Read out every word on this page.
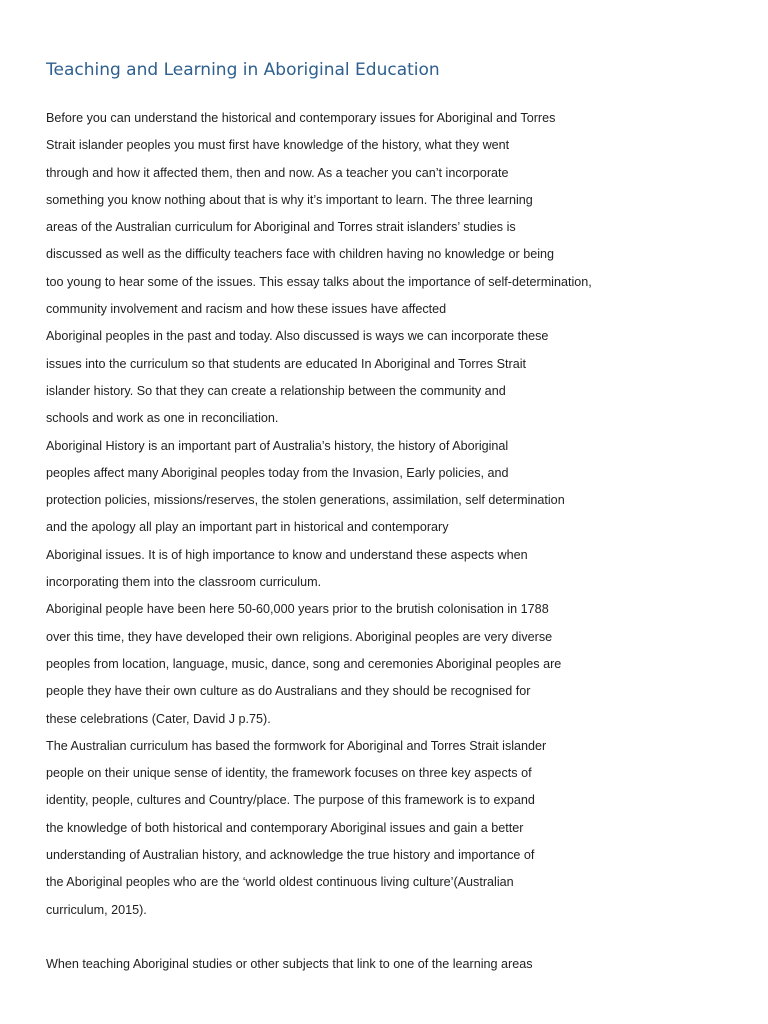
Teaching and Learning in Aboriginal Education
Before you can understand the historical and contemporary issues for Aboriginal and Torres
Strait islander peoples you must first have knowledge of the history, what they went
through and how it affected them, then and now. As a teacher you can’t incorporate
something you know nothing about that is why it’s important to learn. The three learning
areas of the Australian curriculum for Aboriginal and Torres strait islanders’ studies is
discussed as well as the difficulty teachers face with children having no knowledge or being
too young to hear some of the issues. This essay talks about the importance of self-determination,
community involvement and racism and how these issues have affected
Aboriginal peoples in the past and today. Also discussed is ways we can incorporate these
issues into the curriculum so that students are educated In Aboriginal and Torres Strait
islander history. So that they can create a relationship between the community and
schools and work as one in reconciliation.
Aboriginal History is an important part of Australia’s history, the history of Aboriginal
peoples affect many Aboriginal peoples today from the Invasion, Early policies, and
protection policies, missions/reserves, the stolen generations, assimilation, self determination
and the apology all play an important part in historical and contemporary
Aboriginal issues. It is of high importance to know and understand these aspects when
incorporating them into the classroom curriculum.
Aboriginal people have been here 50-60,000 years prior to the brutish colonisation in 1788
over this time, they have developed their own religions. Aboriginal peoples are very diverse
peoples from location, language, music, dance, song and ceremonies Aboriginal peoples are
people they have their own culture as do Australians and they should be recognised for
these celebrations (Cater, David J p.75).
The Australian curriculum has based the formwork for Aboriginal and Torres Strait islander
people on their unique sense of identity, the framework focuses on three key aspects of
identity, people, cultures and Country/place. The purpose of this framework is to expand
the knowledge of both historical and contemporary Aboriginal issues and gain a better
understanding of Australian history, and acknowledge the true history and importance of
the Aboriginal peoples who are the ‘world oldest continuous living culture’(Australian
curriculum, 2015).
When teaching Aboriginal studies or other subjects that link to one of the learning areas
